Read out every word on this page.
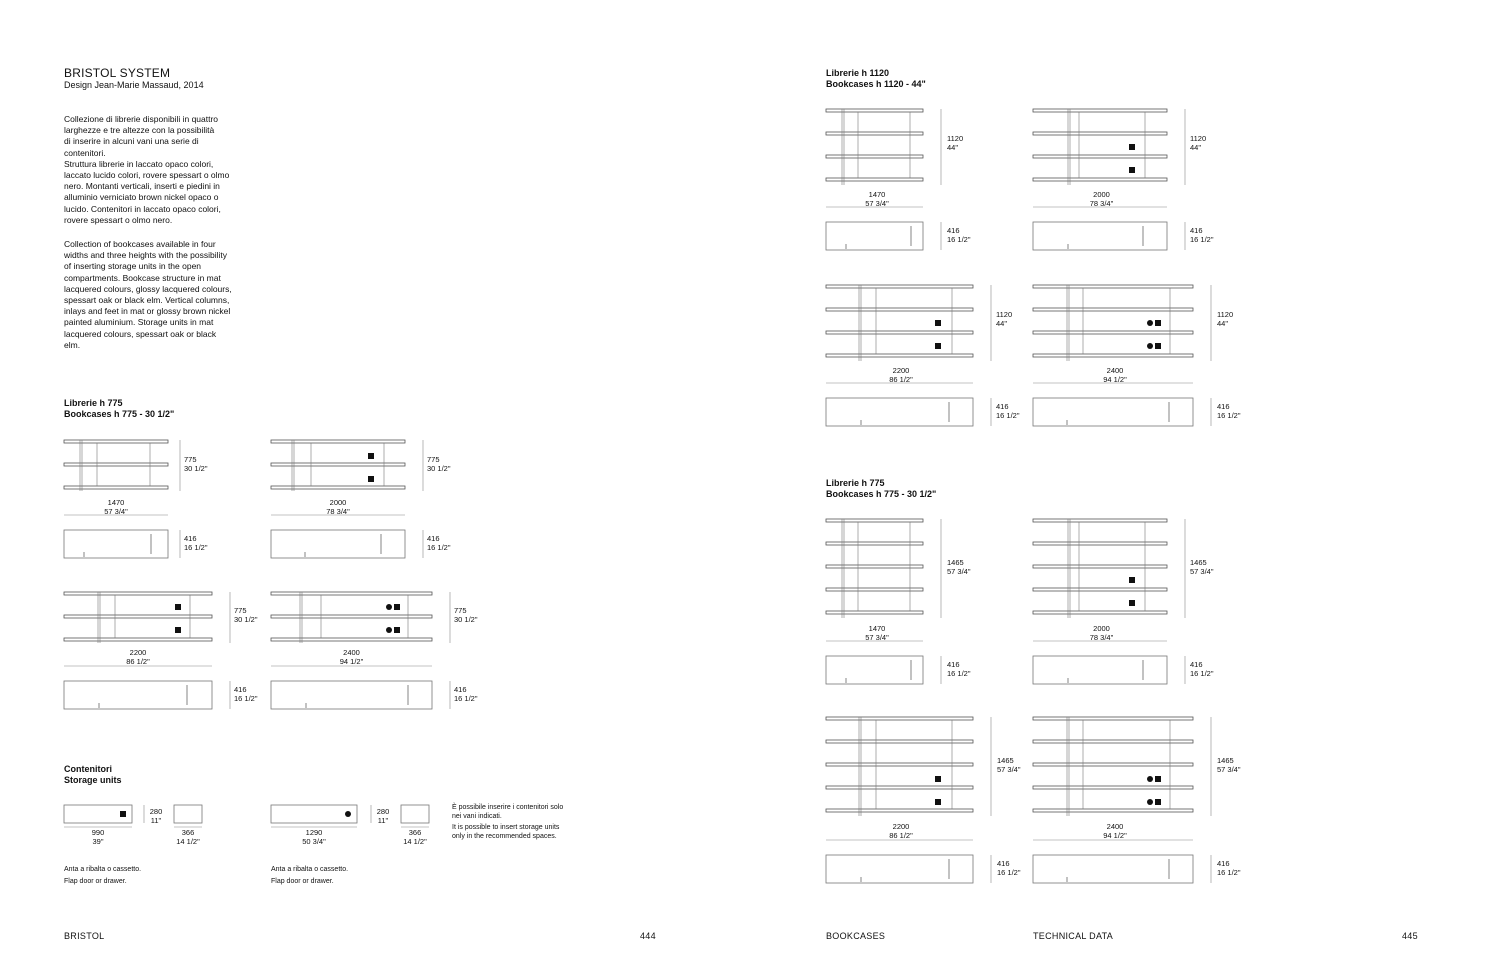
BRISTOL SYSTEM
Design Jean-Marie Massaud, 2014
Collezione di librerie disponibili in quattro
larghezze e tre altezze con la possibilità
di inserire in alcuni vani una serie di
contenitori.
Struttura librerie in laccato opaco colori,
laccato lucido colori, rovere spessart o olmo
nero. Montanti verticali, inserti e piedini in
alluminio verniciato brown nickel opaco o
lucido. Contenitori in laccato opaco colori,
rovere spessart o olmo nero.
Collection of bookcases available in four
widths and three heights with the possibility
of inserting storage units in the open
compartments. Bookcase structure in mat
lacquered colours, glossy lacquered colours,
spessart oak or black elm. Vertical columns,
inlays and feet in mat or glossy brown nickel
painted aluminium. Storage units in mat
lacquered colours, spessart oak or black
elm.
Librerie h 775
Bookcases h 775 - 30 1/2"
Contenitori
Storage units
È possibile inserire i contenitori solo
nei vani indicati.
It is possible to insert storage units
only in the recommended spaces.
Anta a ribalta o cassetto.
Flap door or drawer.
Anta a ribalta o cassetto.
Flap door or drawer.
BRISTOL	444
Librerie h 1120
Bookcases h 1120 - 44"
Librerie h 775
Bookcases h 775 - 30 1/2"
BOOKCASES	TECHNICAL DATA	445
775
30 1/2"
1470
57 3/4"
416
16 1/2"
775
30 1/2"
2000
78 3/4"
416
16 1/2"
775
30 1/2"
2200
86 1/2"
416
16 1/2"
775
30 1/2"
2400
94 1/2"
416
16 1/2"
280
11"
990
39"
366
14 1/2"
280
11"
1290
50 3/4"
366
14 1/2"
1120
44"
1470
57 3/4"
416
16 1/2"
1120
44"
2000
78 3/4"
416
16 1/2"
1120
44"
2200
86 1/2"
416
16 1/2"
1120
44"
2400
94 1/2"
416
16 1/2"
1465
57 3/4"
1470
57 3/4"
416
16 1/2"
1465
57 3/4"
2000
78 3/4"
416
16 1/2"
1465
57 3/4"
2200
86 1/2"
416
16 1/2"
1465
57 3/4"
2400
94 1/2"
416
16 1/2"
